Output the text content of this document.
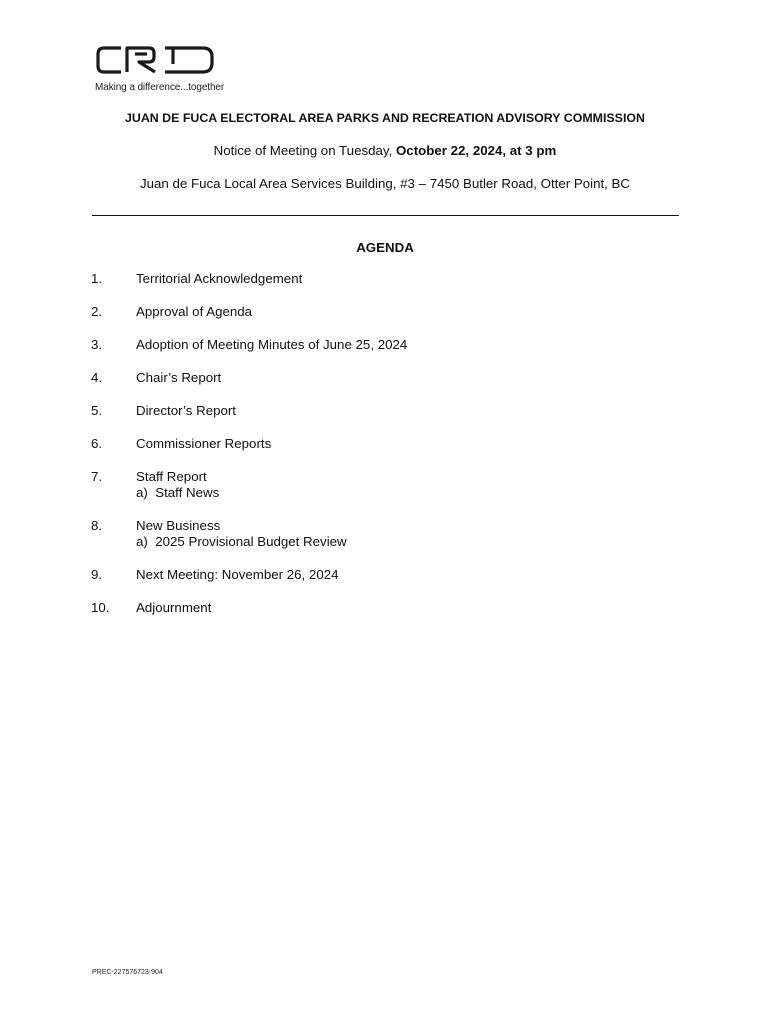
Making a difference...together
JUAN DE FUCA ELECTORAL AREA PARKS AND RECREATION ADVISORY COMMISSION
Notice of Meeting on Tuesday, October 22, 2024, at 3 pm
Juan de Fuca Local Area Services Building, #3 – 7450 Butler Road, Otter Point, BC
AGENDA
1.	Territorial Acknowledgement
2.	Approval of Agenda
3.	Adoption of Meeting Minutes of June 25, 2024
4.	Chair’s Report
5.	Director’s Report
6.	Commissioner Reports
7.	Staff Report
a)  Staff News
8.	New Business
a)  2025 Provisional Budget Review
9.	Next Meeting: November 26, 2024
10.	Adjournment
PREC-227576723-904
